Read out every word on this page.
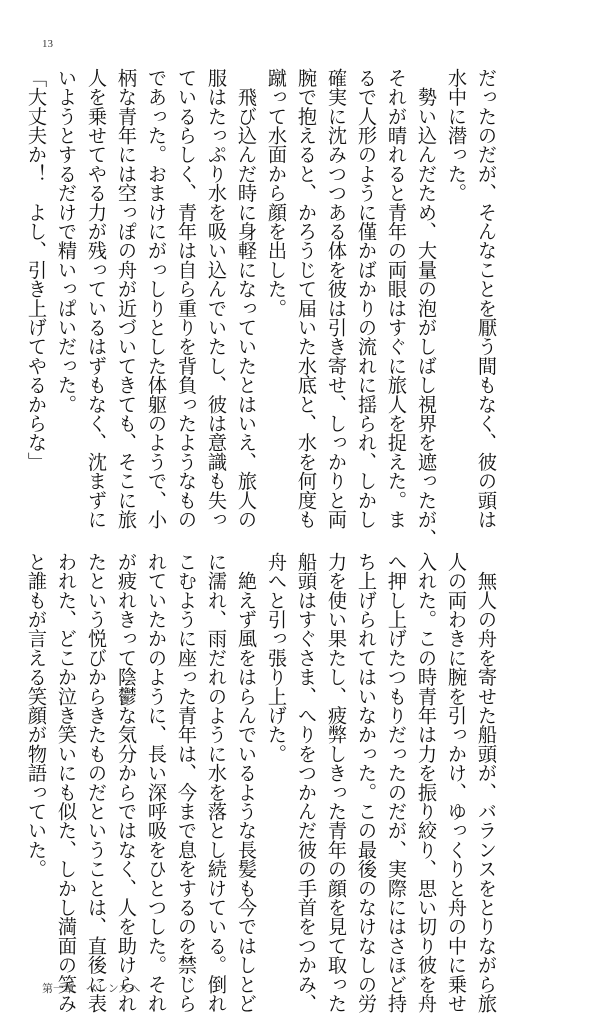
13

だったのだが、そんなことを厭う間もなく、彼の頭は

水中に潜った。

　勢い込んだため、大量の泡がしばし視界を遮ったが、

それが晴れると青年の両眼はすぐに旅人を捉えた。ま

るで人形のように僅かばかりの流れに揺られ、しかし

確実に沈みつつある体を彼は引き寄せ、しっかりと両

腕で抱えると、かろうじて届いた水底と、水を何度も

蹴って水面から顔を出した。

　飛び込んだ時に身軽になっていたとはいえ、旅人の

服はたっぷり水を吸い込んでいたし、彼は意識も失っ

ているらしく、青年は自ら重りを背負ったようなもの

であった。おまけにがっしりとした体躯のようで、小

柄な青年には空っぽの舟が近づいてきても、そこに旅

人を乗せてやる力が残っているはずもなく、沈まずに

いようとするだけで精いっぱいだった。

「大丈夫か！　よし、引き上げてやるからな」

　無人の舟を寄せた船頭が、バランスをとりながら旅

人の両わきに腕を引っかけ、ゆっくりと舟の中に乗せ

入れた。この時青年は力を振り絞り、思い切り彼を舟

へ押し上げたつもりだったのだが、実際にはさほど持

ち上げられてはいなかった。この最後のなけなしの労

力を使い果たし、疲弊しきった青年の顔を見て取った

船頭はすぐさま、へりをつかんだ彼の手首をつかみ、

舟へと引っ張り上げた。

　絶えず風をはらんでいるような長髪も今ではしとど

に濡れ、雨だれのように水を落とし続けている。倒れ

こむように座った青年は、今まで息をするのを禁じら

れていたかのように、長い深呼吸をひとつした。それ

が疲れきって陰鬱な気分からではなく、人を助けられ

たという悦びからきたものだということは、直後に表

われた、どこか泣き笑いにも似た、しかし満面の笑み

と誰もが言える笑顔が物語っていた。

第一章　ベレンズへ
